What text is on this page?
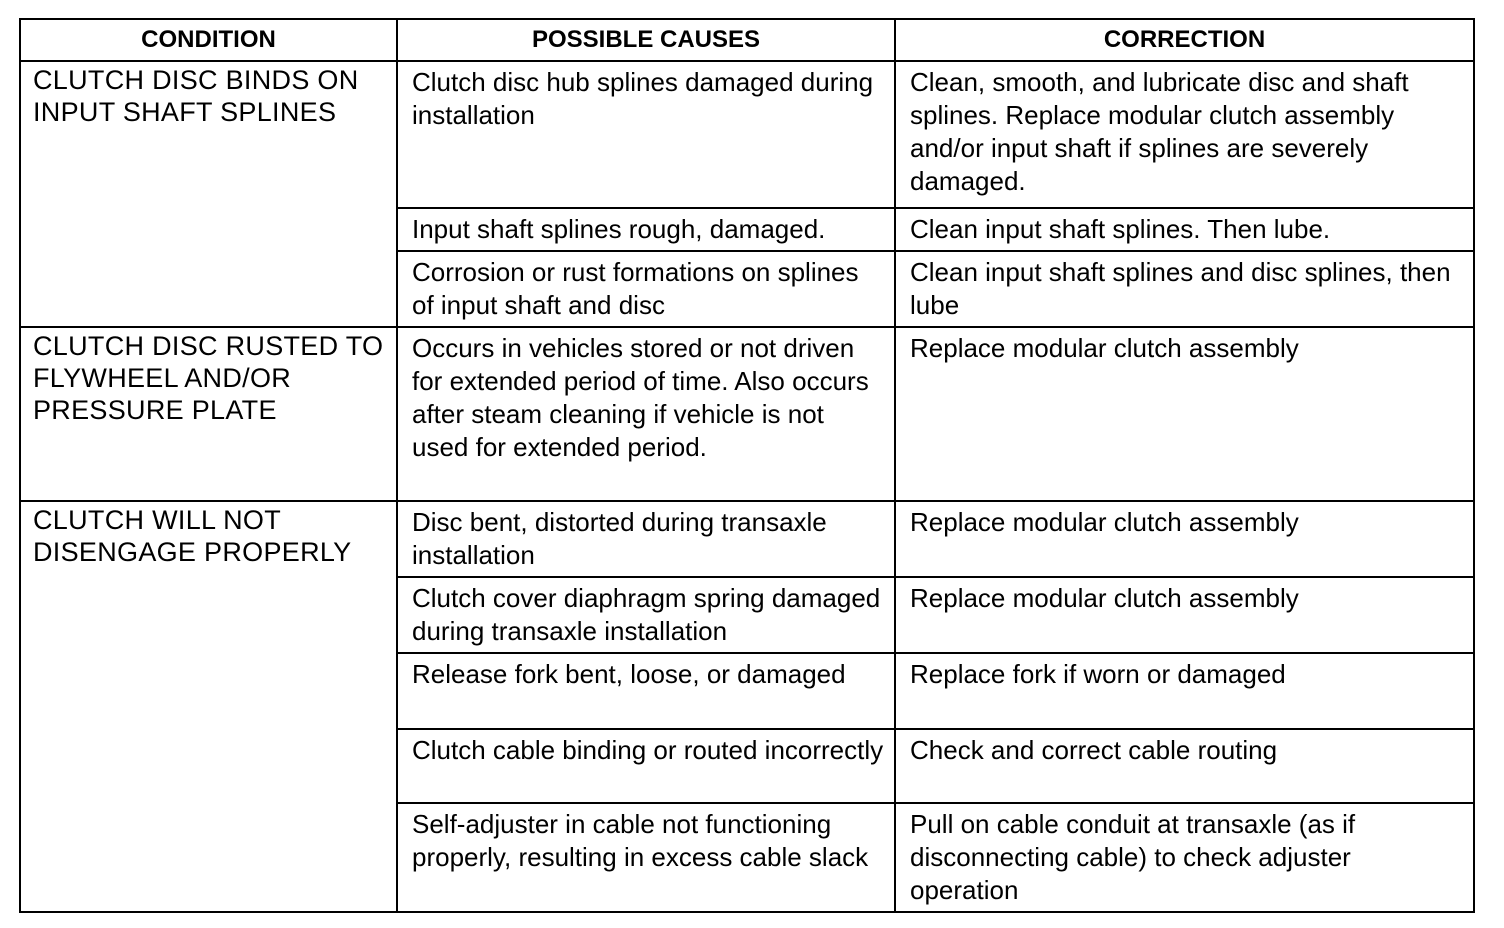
CONDITION	POSSIBLE CAUSES	CORRECTION
CLUTCH DISC BINDS ON INPUT SHAFT SPLINES	Clutch disc hub splines damaged during installation	Clean, smooth, and lubricate disc and shaft splines. Replace modular clutch assembly and/or input shaft if splines are severely damaged.
	Input shaft splines rough, damaged.	Clean input shaft splines. Then lube.
	Corrosion or rust formations on splines of input shaft and disc	Clean input shaft splines and disc splines, then lube
CLUTCH DISC RUSTED TO FLYWHEEL AND/OR PRESSURE PLATE	Occurs in vehicles stored or not driven for extended period of time. Also occurs after steam cleaning if vehicle is not used for extended period.	Replace modular clutch assembly
CLUTCH WILL NOT DISENGAGE PROPERLY	Disc bent, distorted during transaxle installation	Replace modular clutch assembly
	Clutch cover diaphragm spring damaged during transaxle installation	Replace modular clutch assembly
	Release fork bent, loose, or damaged	Replace fork if worn or damaged
	Clutch cable binding or routed incorrectly	Check and correct cable routing
	Self-adjuster in cable not functioning properly, resulting in excess cable slack	Pull on cable conduit at transaxle (as if disconnecting cable) to check adjuster operation
